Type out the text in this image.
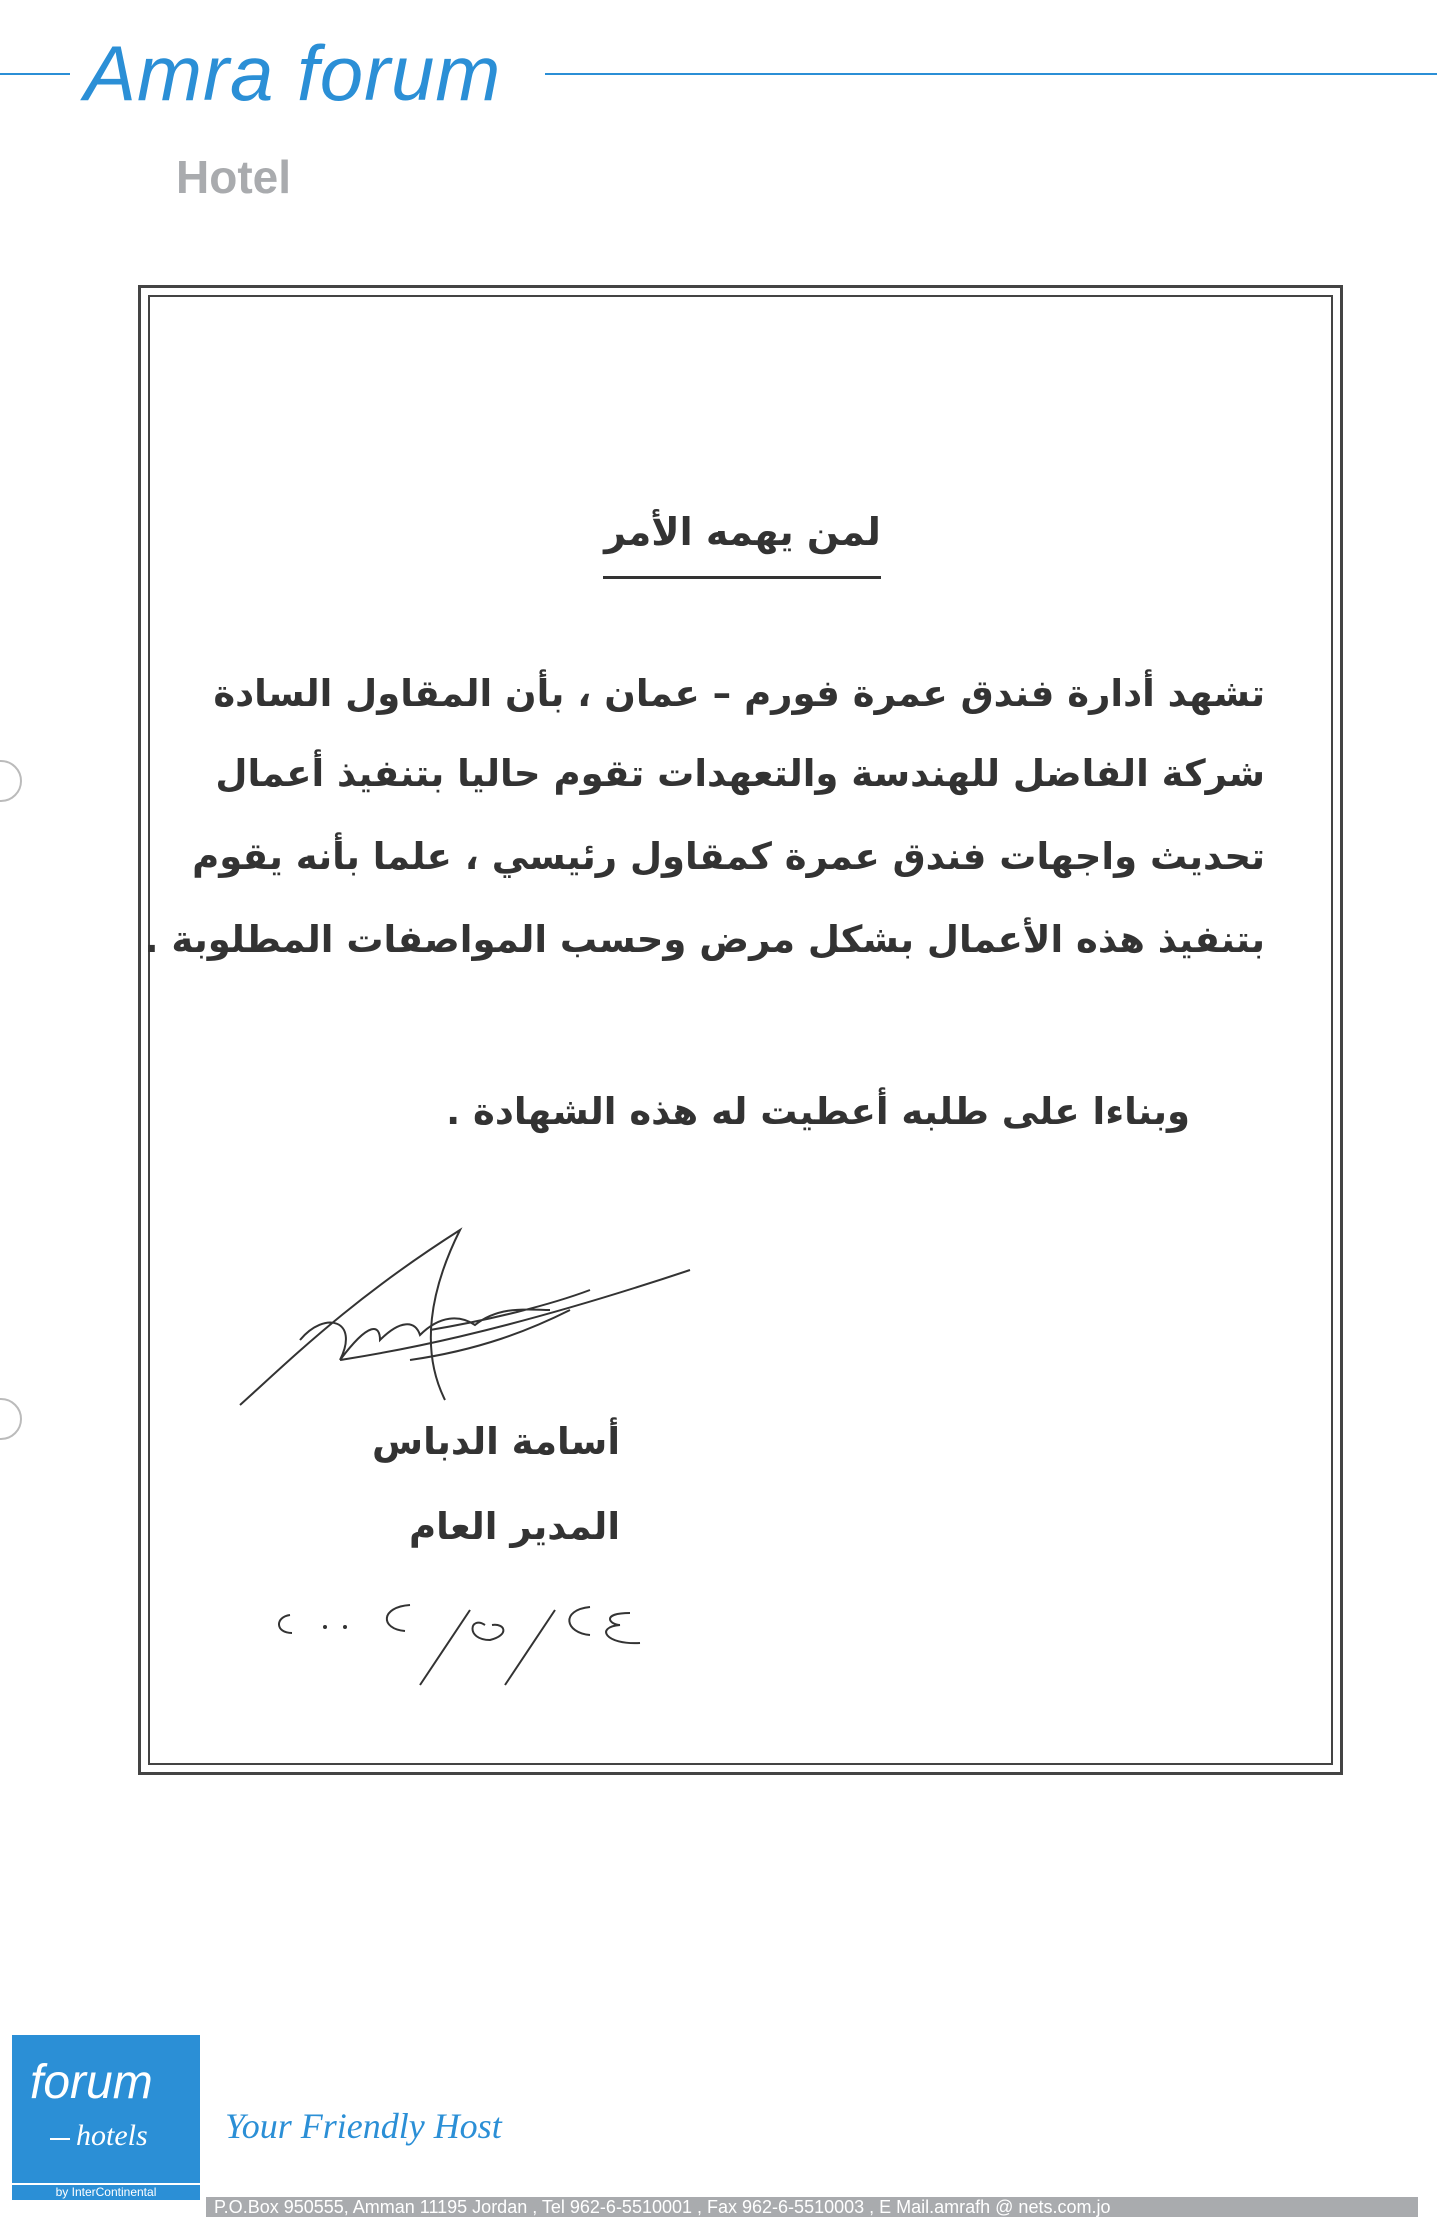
Amra forum
Hotel
لمن يهمه الأمر
تشهد أدارة فندق عمرة فورم – عمان ، بأن المقاول السادة
شركة الفاضل للهندسة والتعهدات تقوم حاليا بتنفيذ أعمال
تحديث واجهات فندق عمرة كمقاول رئيسي ، علما بأنه يقوم
بتنفيذ هذه الأعمال بشكل مرض وحسب المواصفات المطلوبة .
وبناءا على طلبه أعطيت له هذه الشهادة .
أسامة الدباس
المدير العام
forum
hotels
by InterContinental
Your Friendly Host
P.O.Box 950555, Amman 11195 Jordan , Tel 962-6-5510001 , Fax 962-6-5510003 , E Mail.amrafh @ nets.com.jo
